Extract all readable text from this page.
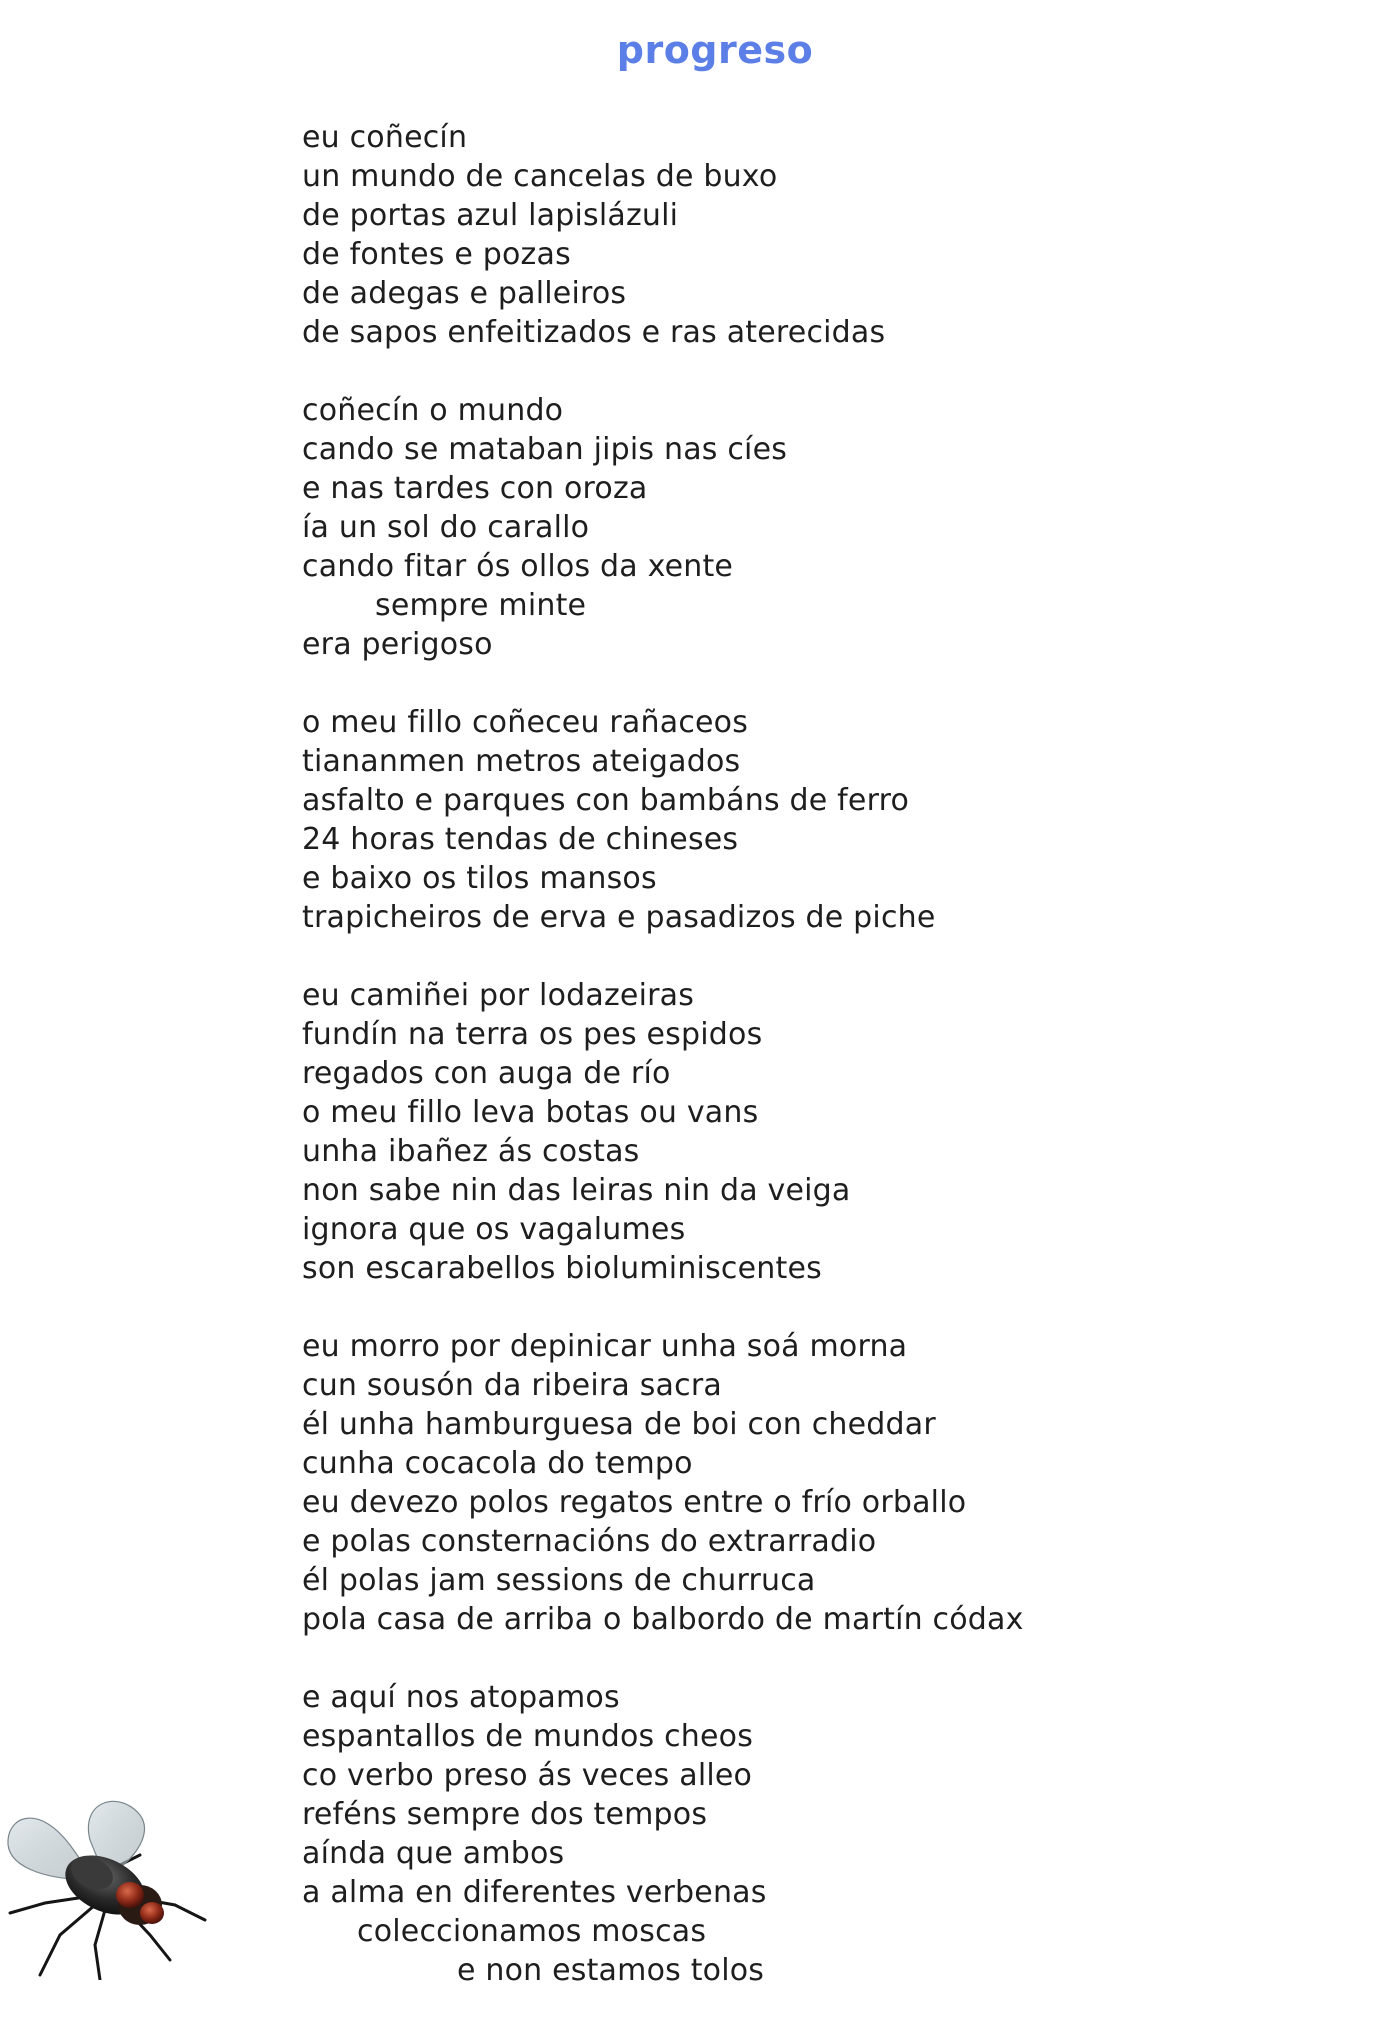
progreso
eu coñecín
un mundo de cancelas de buxo
de portas azul lapislázuli
de fontes e pozas
de adegas e palleiros
de sapos enfeitizados e ras aterecidas
coñecín o mundo
cando se mataban jipis nas cíes
e nas tardes con oroza
ía un sol do carallo
cando fitar ós ollos da xente
sempre minte
era perigoso
o meu fillo coñeceu rañaceos
tiananmen metros ateigados
asfalto e parques con bambáns de ferro
24 horas tendas de chineses
e baixo os tilos mansos
trapicheiros de erva e pasadizos de piche
eu camiñei por lodazeiras
fundín na terra os pes espidos
regados con auga de río
o meu fillo leva botas ou vans
unha ibañez ás costas
non sabe nin das leiras nin da veiga
ignora que os vagalumes
son escarabellos bioluminiscentes
eu morro por depinicar unha soá morna
cun sousón da ribeira sacra
él unha hamburguesa de boi con cheddar
cunha cocacola do tempo
eu devezo polos regatos entre o frío orballo
e polas consternacións do extrarradio
él polas jam sessions de churruca
pola casa de arriba o balbordo de martín códax
e aquí nos atopamos
espantallos de mundos cheos
co verbo preso ás veces alleo
reféns sempre dos tempos
aínda que ambos
a alma en diferentes verbenas
coleccionamos moscas
e non estamos tolos
